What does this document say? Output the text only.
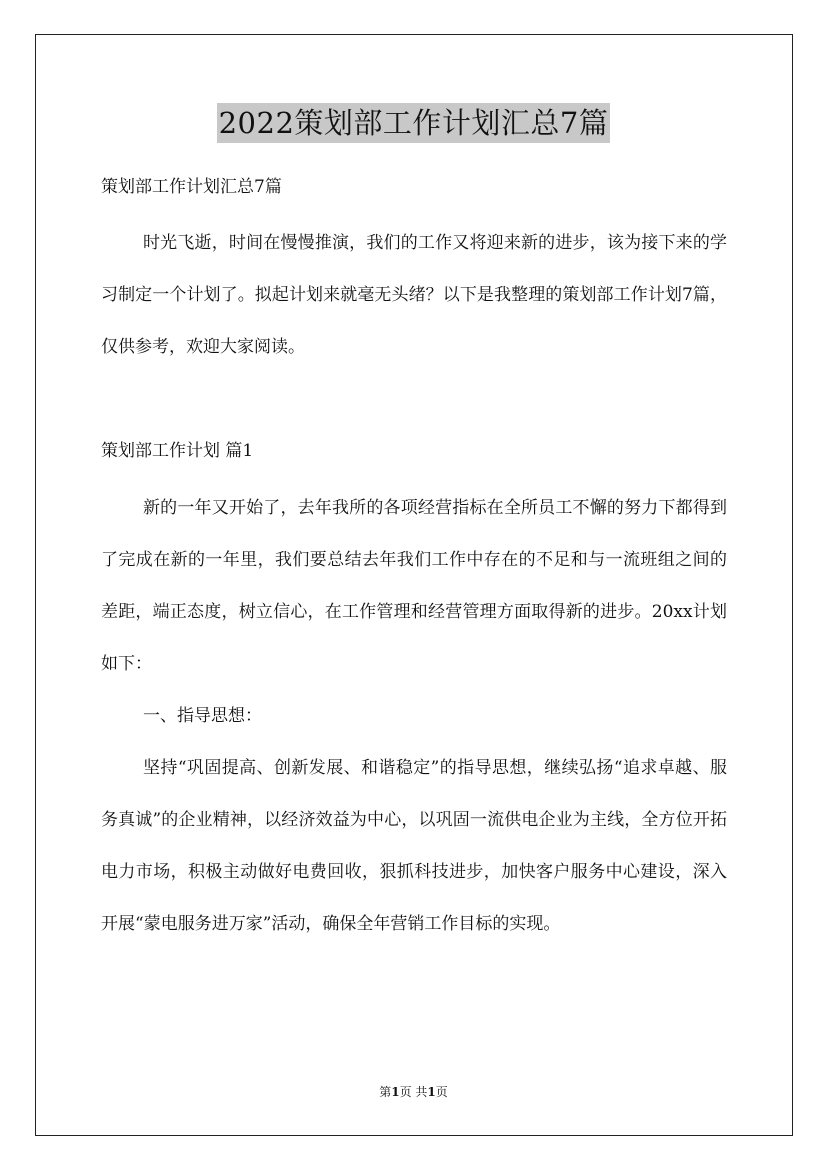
2022策划部工作计划汇总7篇

策划部工作计划汇总7篇

时光飞逝，时间在慢慢推演，我们的工作又将迎来新的进步，该为接下来的学习制定一个计划了。拟起计划来就毫无头绪？以下是我整理的策划部工作计划7篇，仅供参考，欢迎大家阅读。

策划部工作计划 篇1

新的一年又开始了，去年我所的各项经营指标在全所员工不懈的努力下都得到了完成在新的一年里，我们要总结去年我们工作中存在的不足和与一流班组之间的差距，端正态度，树立信心，在工作管理和经营管理方面取得新的进步。20xx计划如下：

一、指导思想：

坚持“巩固提高、创新发展、和谐稳定”的指导思想，继续弘扬“追求卓越、服务真诚”的企业精神，以经济效益为中心，以巩固一流供电企业为主线，全方位开拓电力市场，积极主动做好电费回收，狠抓科技进步，加快客户服务中心建设，深入开展“蒙电服务进万家”活动，确保全年营销工作目标的实现。

第1页 共1页
